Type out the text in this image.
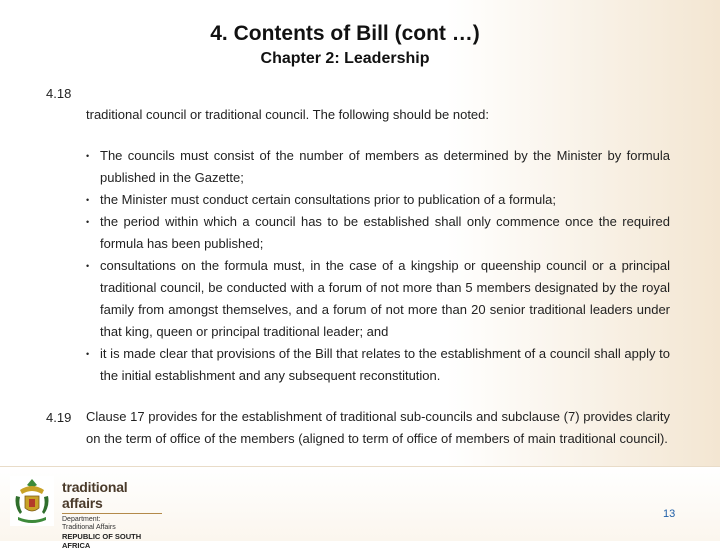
4. Contents of Bill (cont …)
Chapter 2: Leadership
4.18
traditional council or traditional council. The following should be noted:
• The councils must consist of the number of members as determined by the Minister by formula published in the Gazette;
• the Minister must conduct certain consultations prior to publication of a formula;
• the period within which a council has to be established shall only commence once the required formula has been published;
• consultations on the formula must, in the case of a kingship or queenship council or a principal traditional council, be conducted with a forum of not more than 5 members designated by the royal family from amongst themselves, and a forum of not more than 20 senior traditional leaders under that king, queen or principal traditional leader; and
• it is made clear that provisions of the Bill that relates to the establishment of a council shall apply to the initial establishment and any subsequent reconstitution.
4.19 Clause 17 provides for the establishment of traditional sub-councils and subclause (7) provides clarity on the term of office of the members (aligned to term of office of members of main traditional council).
traditional affairs
Department:
Traditional Affairs
REPUBLIC OF SOUTH AFRICA
13
